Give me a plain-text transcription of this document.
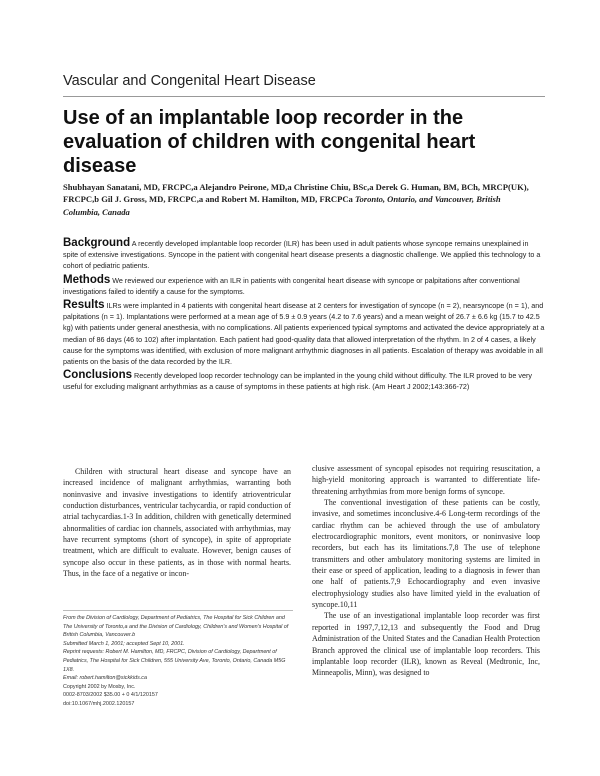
Vascular and Congenital Heart Disease
Use of an implantable loop recorder in the evaluation of children with congenital heart disease
Shubhayan Sanatani, MD, FRCPC,a Alejandro Peirone, MD,a Christine Chiu, BSc,a Derek G. Human, BM, BCh, MRCP(UK), FRCPC,b Gil J. Gross, MD, FRCPC,a and Robert M. Hamilton, MD, FRCPCa Toronto, Ontario, and Vancouver, British Columbia, Canada

Background A recently developed implantable loop recorder (ILR) has been used in adult patients whose syncope remains unexplained in spite of extensive investigations. Syncope in the patient with congenital heart disease presents a diagnostic challenge. We applied this technology to a cohort of pediatric patients.

Methods We reviewed our experience with an ILR in patients with congenital heart disease with syncope or palpitations after conventional investigations failed to identify a cause for the symptoms.

Results ILRs were implanted in 4 patients with congenital heart disease at 2 centers for investigation of syncope (n = 2), nearsyncope (n = 1), and palpitations (n = 1). Implantations were performed at a mean age of 5.9 ± 0.9 years (4.2 to 7.6 years) and a mean weight of 26.7 ± 6.6 kg (15.7 to 42.5 kg) with patients under general anesthesia, with no complications. All patients experienced typical symptoms and activated the device appropriately at a median of 86 days (46 to 102) after implantation. Each patient had good-quality data that allowed interpretation of the rhythm. In 2 of 4 cases, a likely cause for the symptoms was identified, with exclusion of more malignant arrhythmic diagnoses in all patients. Escalation of therapy was avoidable in all patients on the basis of the data recorded by the ILR.

Conclusions Recently developed loop recorder technology can be implanted in the young child without difficulty. The ILR proved to be very useful for excluding malignant arrhythmias as a cause of symptoms in these patients at high risk. (Am Heart J 2002;143:366-72)

Children with structural heart disease and syncope have an increased incidence of malignant arrhythmias, warranting both noninvasive and invasive investigations to identify atrioventricular conduction disturbances, ventricular tachycardia, or rapid conduction of atrial tachycardias.1-3 In addition, children with genetically determined abnormalities of cardiac ion channels, associated with arrhythmias, may have recurrent symptoms (short of syncope), in spite of appropriate treatment, which are difficult to evaluate. However, benign causes of syncope also occur in these patients, as in those with normal hearts. Thus, in the face of a negative or incon-

clusive assessment of syncopal episodes not requiring resuscitation, a high-yield monitoring approach is warranted to differentiate life-threatening arrhythmias from more benign forms of syncope.

The conventional investigation of these patients can be costly, invasive, and sometimes inconclusive.4-6 Long-term recordings of the cardiac rhythm can be achieved through the use of ambulatory electrocardiographic monitors, event monitors, or noninvasive loop recorders, but each has its limitations.7,8 The use of telephone transmitters and other ambulatory monitoring systems are limited in their ease or speed of application, leading to a diagnosis in fewer than one half of patients.7,9 Echocardiography and even invasive electrophysiology studies also have limited yield in the evaluation of syncope.10,11

The use of an investigational implantable loop recorder was first reported in 1997,7,12,13 and subsequently the Food and Drug Administration of the United States and the Canadian Health Protection Branch approved the clinical use of implantable loop recorders. This implantable loop recorder (ILR), known as Reveal (Medtronic, Inc, Minneapolis, Minn), was designed to

From the Division of Cardiology, Department of Pediatrics, The Hospital for Sick Children and The University of Toronto,a and the Division of Cardiology, Children's and Women's Hospital of British Columbia, Vancouver.b
Submitted March 1, 2001; accepted Sept 10, 2001.
Reprint requests: Robert M. Hamilton, MD, FRCPC, Division of Cardiology, Department of Pediatrics, The Hospital for Sick Children, 555 University Ave, Toronto, Ontario, Canada M5G 1X8.
Email: robert.hamilton@sickkids.ca
Copyright 2002 by Mosby, Inc.
0002-8703/2002 $35.00 + 0 4/1/120157
doi:10.1067/mhj.2002.120157
